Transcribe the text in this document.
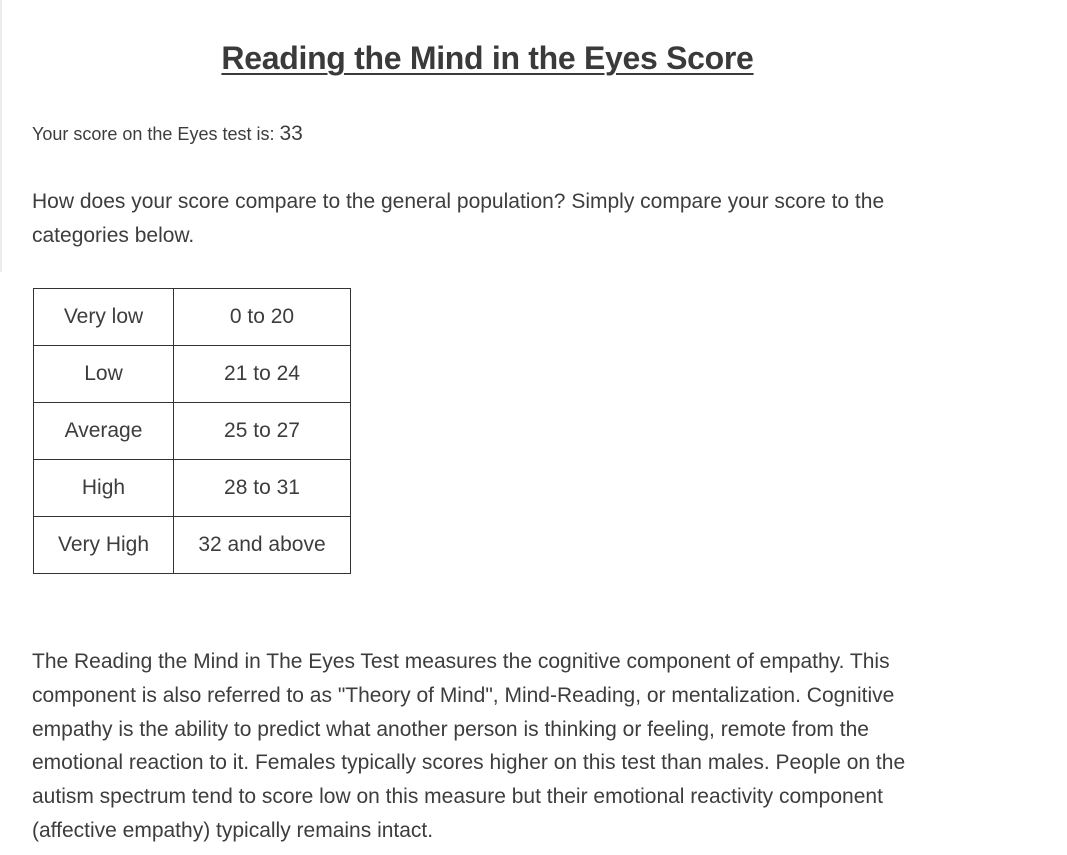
Reading the Mind in the Eyes Score

Your score on the Eyes test is: 33

How does your score compare to the general population? Simply compare your score to the categories below.

Very low	0 to 20
Low	21 to 24
Average	25 to 27
High	28 to 31
Very High	32 and above

The Reading the Mind in The Eyes Test measures the cognitive component of empathy. This component is also referred to as "Theory of Mind", Mind-Reading, or mentalization. Cognitive empathy is the ability to predict what another person is thinking or feeling, remote from the emotional reaction to it. Females typically scores higher on this test than males. People on the autism spectrum tend to score low on this measure but their emotional reactivity component (affective empathy) typically remains intact.
